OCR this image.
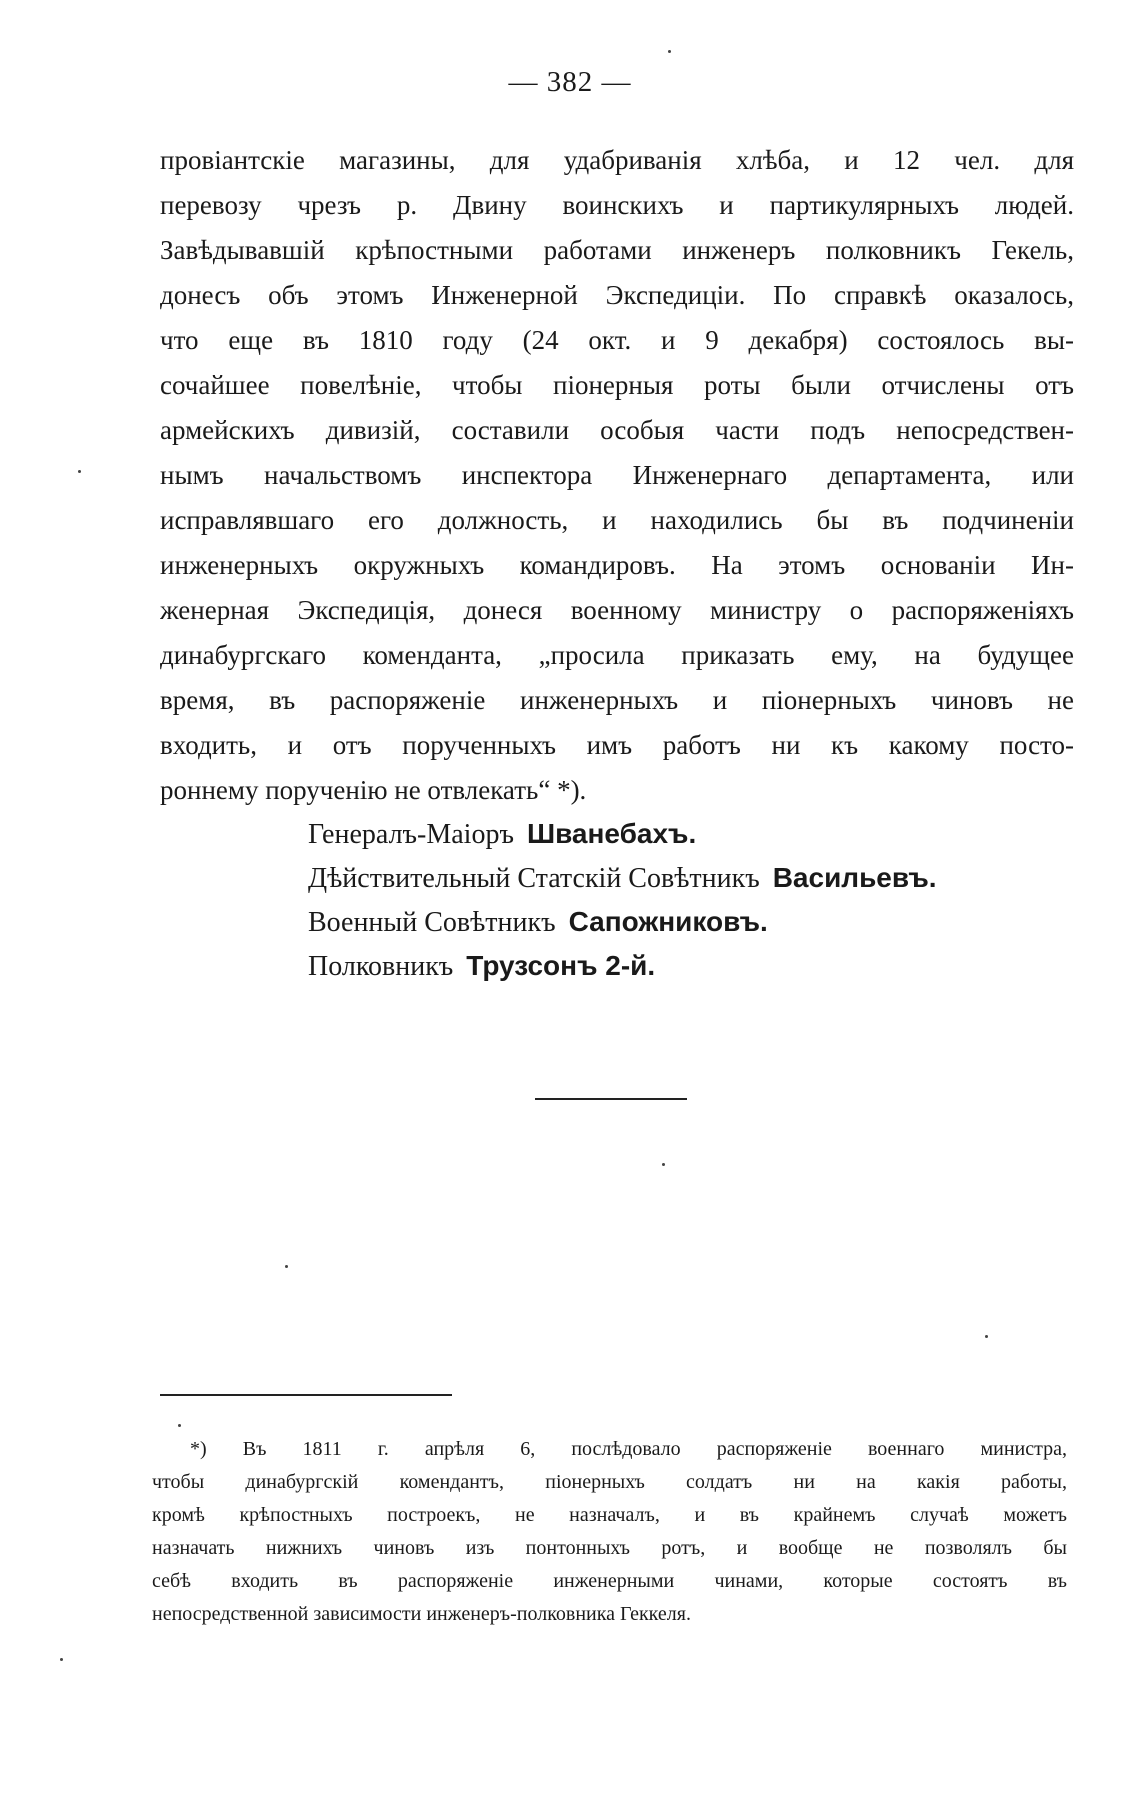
— 382 —
провіантскіе магазины, для удабриванія хлѣба, и 12 чел. для
перевозу чрезъ р. Двину воинскихъ и партикулярныхъ людей.
Завѣдывавшій крѣпостными работами инженеръ полковникъ Гекель,
донесъ объ этомъ Инженерной Экспедиціи. По справкѣ оказалось,
что еще въ 1810 году (24 окт. и 9 декабря) состоялось вы-
сочайшее повелѣніе, чтобы піонерныя роты были отчислены отъ
армейскихъ дивизій, составили особыя части подъ непосредствен-
нымъ начальствомъ инспектора Инженернаго департамента, или
исправлявшаго его должность, и находились бы въ подчиненіи
инженерныхъ окружныхъ командировъ. На этомъ основаніи Ин-
женерная Экспедиція, донеся военному министру о распоряженіяхъ
динабургскаго коменданта, „просила приказать ему, на будущее
время, въ распоряженіе инженерныхъ и піонерныхъ чиновъ не
входить, и отъ порученныхъ имъ работъ ни къ какому посто-
роннему порученію не отвлекать“ *).
Генералъ-Маіоръ Шванебахъ.
Дѣйствительный Статскій Совѣтникъ Васильевъ.
Военный Совѣтникъ Сапожниковъ.
Полковникъ Трузсонъ 2-й.
*) Въ 1811 г. апрѣля 6, послѣдовало распоряженіе военнаго министра,
чтобы динабургскій комендантъ, піонерныхъ солдатъ ни на какія работы,
кромѣ крѣпостныхъ построекъ, не назначалъ, и въ крайнемъ случаѣ можетъ
назначать нижнихъ чиновъ изъ понтонныхъ ротъ, и вообще не позволялъ бы
себѣ входить въ распоряженіе инженерными чинами, которые состоятъ въ
непосредственной зависимости инженеръ-полковника Геккеля.
